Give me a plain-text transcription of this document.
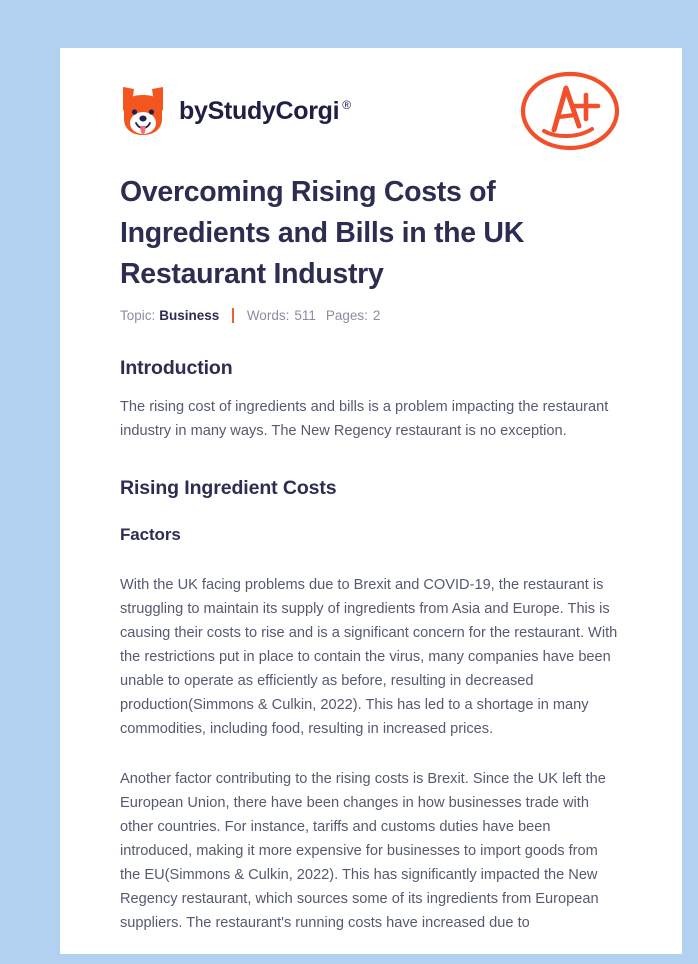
by StudyCorgi ®
Overcoming Rising Costs of Ingredients and Bills in the UK Restaurant Industry
Topic: Business Words: 511 Pages: 2
Introduction

The rising cost of ingredients and bills is a problem impacting the restaurant industry in many ways. The New Regency restaurant is no exception.

Rising Ingredient Costs
Factors

With the UK facing problems due to Brexit and COVID-19, the restaurant is struggling to maintain its supply of ingredients from Asia and Europe. This is causing their costs to rise and is a significant concern for the restaurant. With the restrictions put in place to contain the virus, many companies have been unable to operate as efficiently as before, resulting in decreased production(Simmons & Culkin, 2022). This has led to a shortage in many commodities, including food, resulting in increased prices.

Another factor contributing to the rising costs is Brexit. Since the UK left the European Union, there have been changes in how businesses trade with other countries. For instance, tariffs and customs duties have been introduced, making it more expensive for businesses to import goods from the EU(Simmons & Culkin, 2022). This has significantly impacted the New Regency restaurant, which sources some of its ingredients from European suppliers. The restaurant's running costs have increased due to
